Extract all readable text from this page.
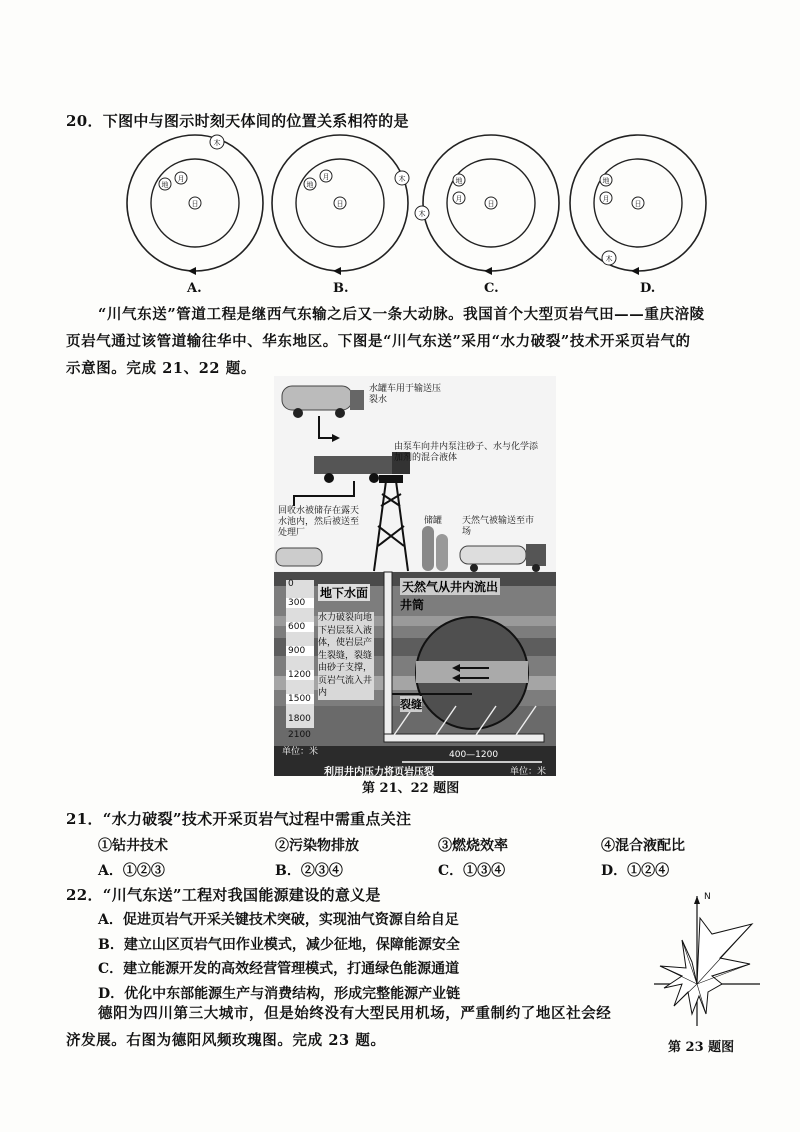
20．下图中与图示时刻天体间的位置关系相符的是
日
地
月
木
日
地
月	木
日
地
月
木
日
地
月
木
A.	B.	C.	D.
“川气东送”管道工程是继西气东输之后又一条大动脉。我国首个大型页岩气田——重庆涪陵
页岩气通过该管道输往华中、华东地区。下图是“川气东送”采用“水力破裂”技术开采页岩气的
示意图。完成 21、22 题。
水罐车用于输送压裂水
由泵车向井内泵注砂子、水与化学添加剂的混合液体
回收水被储存在露天水池内，然后被送至处理厂
天然气被输送至市场
储罐
天然气从井内流出
井筒
地下水面
水力破裂向地下岩层泵入液体，使岩层产生裂缝，裂缝由砂子支撑，页岩气流入井内
裂缝
0
300
600
900
1200
1500
1800
2100
单位：米	400—1200
利用井内压力将页岩压裂	单位：米
第 21、22 题图
21．“水力破裂”技术开采页岩气过程中需重点关注
①钻井技术	②污染物排放	③燃烧效率	④混合液配比
A．①②③	B．②③④	C．①③④	D．①②④
22．“川气东送”工程对我国能源建设的意义是
A．促进页岩气开采关键技术突破，实现油气资源自给自足
B．建立山区页岩气田作业模式，减少征地，保障能源安全
C．建立能源开发的高效经营管理模式，打通绿色能源通道
D．优化中东部能源生产与消费结构，形成完整能源产业链
德阳为四川第三大城市，但是始终没有大型民用机场，严重制约了地区社会经
济发展。右图为德阳风频玫瑰图。完成 23 题。
N
第 23 题图
